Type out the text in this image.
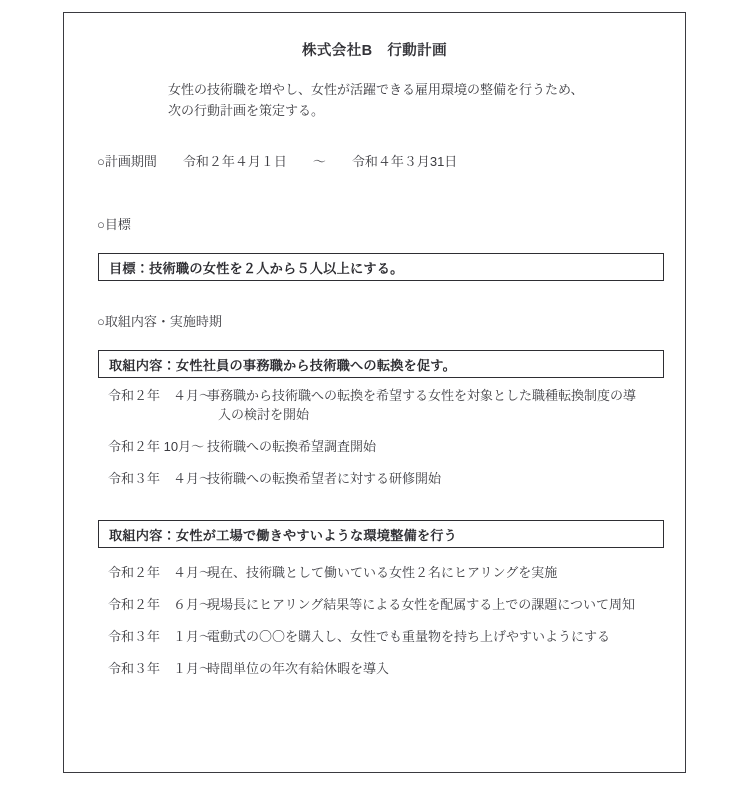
株式会社B　行動計画

女性の技術職を増やし、女性が活躍できる雇用環境の整備を行うため、

次の行動計画を策定する。

○計画期間　　令和２年４月１日　　～　　令和４年３月31日
○目標
目標：技術職の女性を２人から５人以上にする。
○取組内容・実施時期
取組内容：女性社員の事務職から技術職への転換を促す。
令和２年　４月～
事務職から技術職への転換を希望する女性を対象とした職種転換制度の導
入の検討を開始
令和２年 10月～ 技術職への転換希望調査開始
令和３年　４月～
技術職への転換希望者に対する研修開始
取組内容：女性が工場で働きやすいような環境整備を行う
令和２年　４月～
現在、技術職として働いている女性２名にヒアリングを実施
令和２年　６月～
現場長にヒアリング結果等による女性を配属する上での課題について周知
令和３年　１月～
電動式の〇〇を購入し、女性でも重量物を持ち上げやすいようにする
令和３年　１月～
時間単位の年次有給休暇を導入
